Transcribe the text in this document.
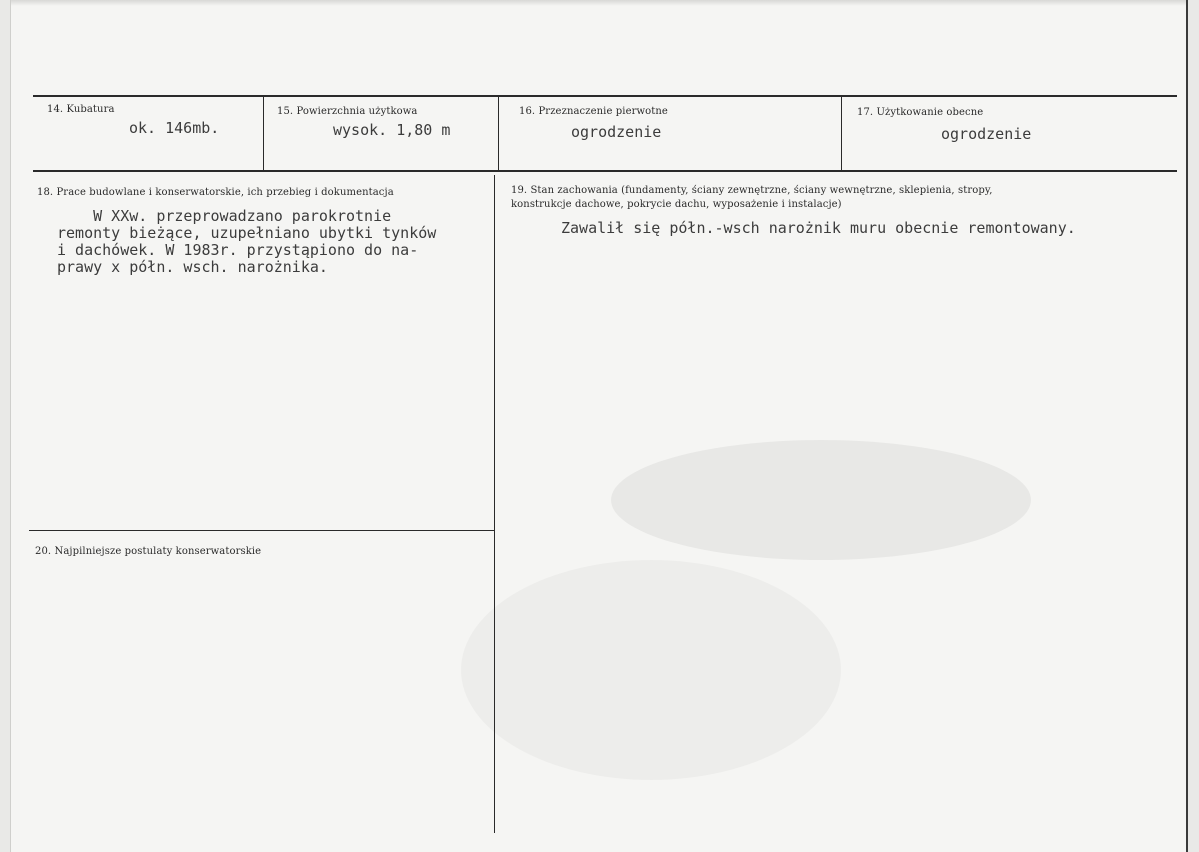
14. Kubatura
ok. 146mb.
15. Powierzchnia użytkowa
wysok. 1,80 m
16. Przeznaczenie pierwotne
ogrodzenie
17. Użytkowanie obecne
ogrodzenie
18. Prace budowlane i konserwatorskie, ich przebieg i dokumentacja
W XXw. przeprowadzano parokrotnie
remonty bieżące, uzupełniano ubytki tynków
i dachówek. W 1983r. przystąpiono do na-
prawy x półn. wsch. narożnika.
19. Stan zachowania (fundamenty, ściany zewnętrzne, ściany wewnętrzne, sklepienia, stropy,
konstrukcje dachowe, pokrycie dachu, wyposażenie i instalacje)
Zawalił się półn.-wsch narożnik muru obecnie remontowany.
20. Najpilniejsze postulaty konserwatorskie
